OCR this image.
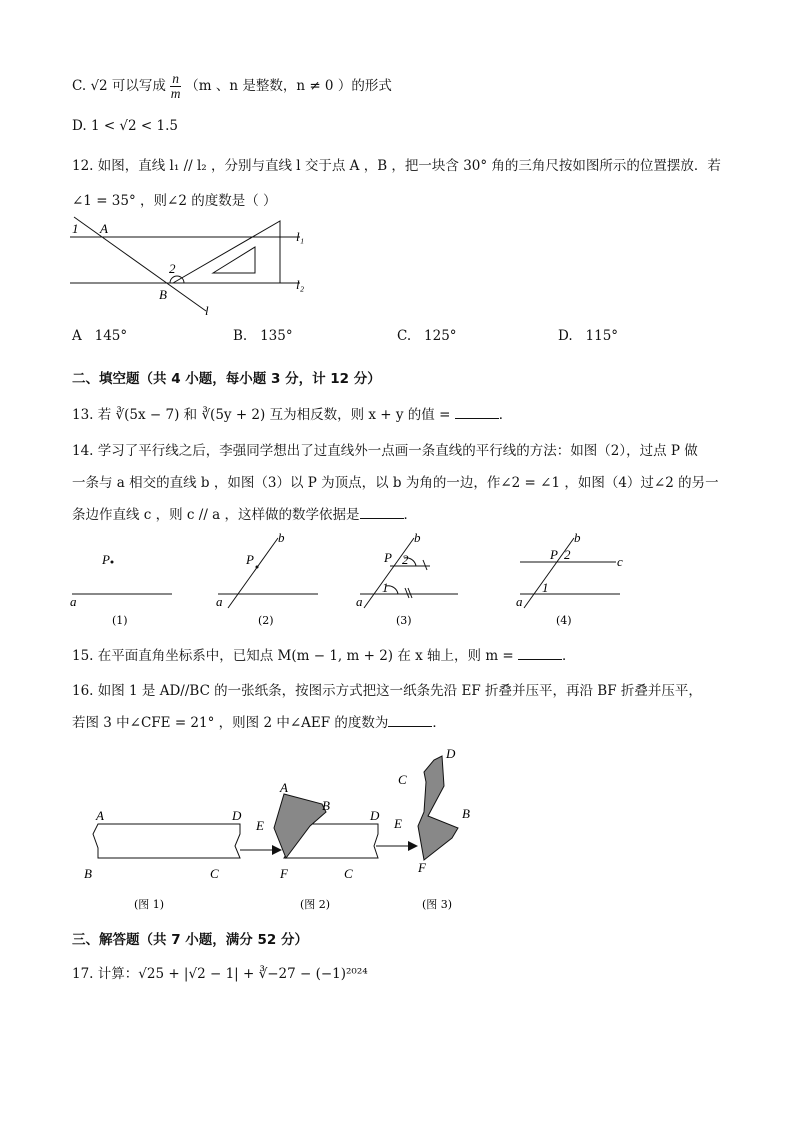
C. √2 可以写成 $\frac{n}{m} (m$ 、n 是整数，n ≠ 0 ）的形式
D. 1 < √2 < 1.5
12. 如图，直线 l₁ // l₂ ，分别与直线 l 交于点 A ，B ，把一块含 30° 角的三角尺按如图所示的位置摆放．若
∠1 = 35° ，则∠2 的度数是（ ）
1 A
2
B
l
l₁
l₂
A 145°	B. 135°	C. 125°	D. 115°
二、填空题（共 4 小题，每小题 3 分，计 12 分）
13. 若 ∛(5x − 7) 和 ∛(5y + 2) 互为相反数，则 x + y 的值 =	．
14. 学习了平行线之后，李强同学想出了过直线外一点画一条直线的平行线的方法：如图（2），过点 P 做
一条与 a 相交的直线 b ，如图（3）以 P 为顶点，以 b 为角的一边，作∠2 = ∠1 ，如图（4）过∠2 的另一
条边作直线 c ，则 c // a ，这样做的数学依据是	．
P
a
(1)
P
b
a
(2)
P
b
2
1
a
(3)
P 2
b
c
1
a
(4)
15. 在平面直角坐标系中，已知点 M(m − 1, m + 2) 在 x 轴上，则 m =	．
16. 如图 1 是 AD//BC 的一张纸条，按图示方式把这一纸条先沿 EF 折叠并压平，再沿 BF 折叠并压平，
若图 3 中∠CFE = 21° ，则图 2 中∠AEF 的度数为	．
A	D
B	C
(图 1)
A
B
D
E
F	C
(图 2)
D
C
E
B
F
(图 3)
三、解答题（共 7 小题，满分 52 分）
17. 计算：√25 + |√2 − 1| + ∛−27 − (−1)²⁰²⁴
